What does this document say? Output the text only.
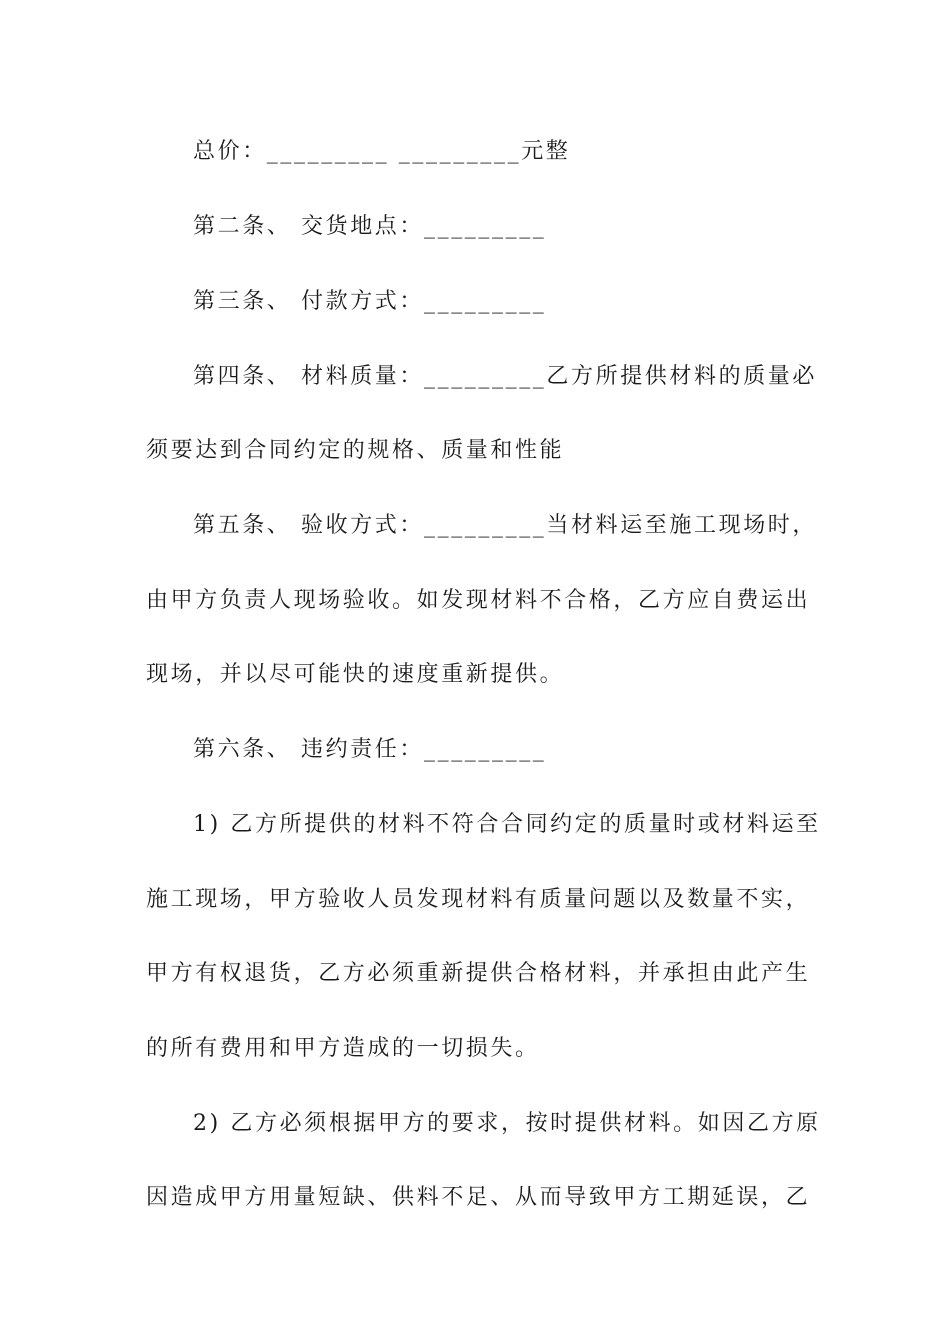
总价：_________ _________元整
第二条、 交货地点：_________
第三条、 付款方式：_________
第四条、 材料质量：_________乙方所提供材料的质量必
须要达到合同约定的规格、质量和性能
第五条、 验收方式：_________当材料运至施工现场时，
由甲方负责人现场验收。如发现材料不合格，乙方应自费运出
现场，并以尽可能快的速度重新提供。
第六条、 违约责任：_________
1) 乙方所提供的材料不符合合同约定的质量时或材料运至
施工现场，甲方验收人员发现材料有质量问题以及数量不实，
甲方有权退货，乙方必须重新提供合格材料，并承担由此产生
的所有费用和甲方造成的一切损失。
2) 乙方必须根据甲方的要求，按时提供材料。如因乙方原
因造成甲方用量短缺、供料不足、从而导致甲方工期延误，乙
